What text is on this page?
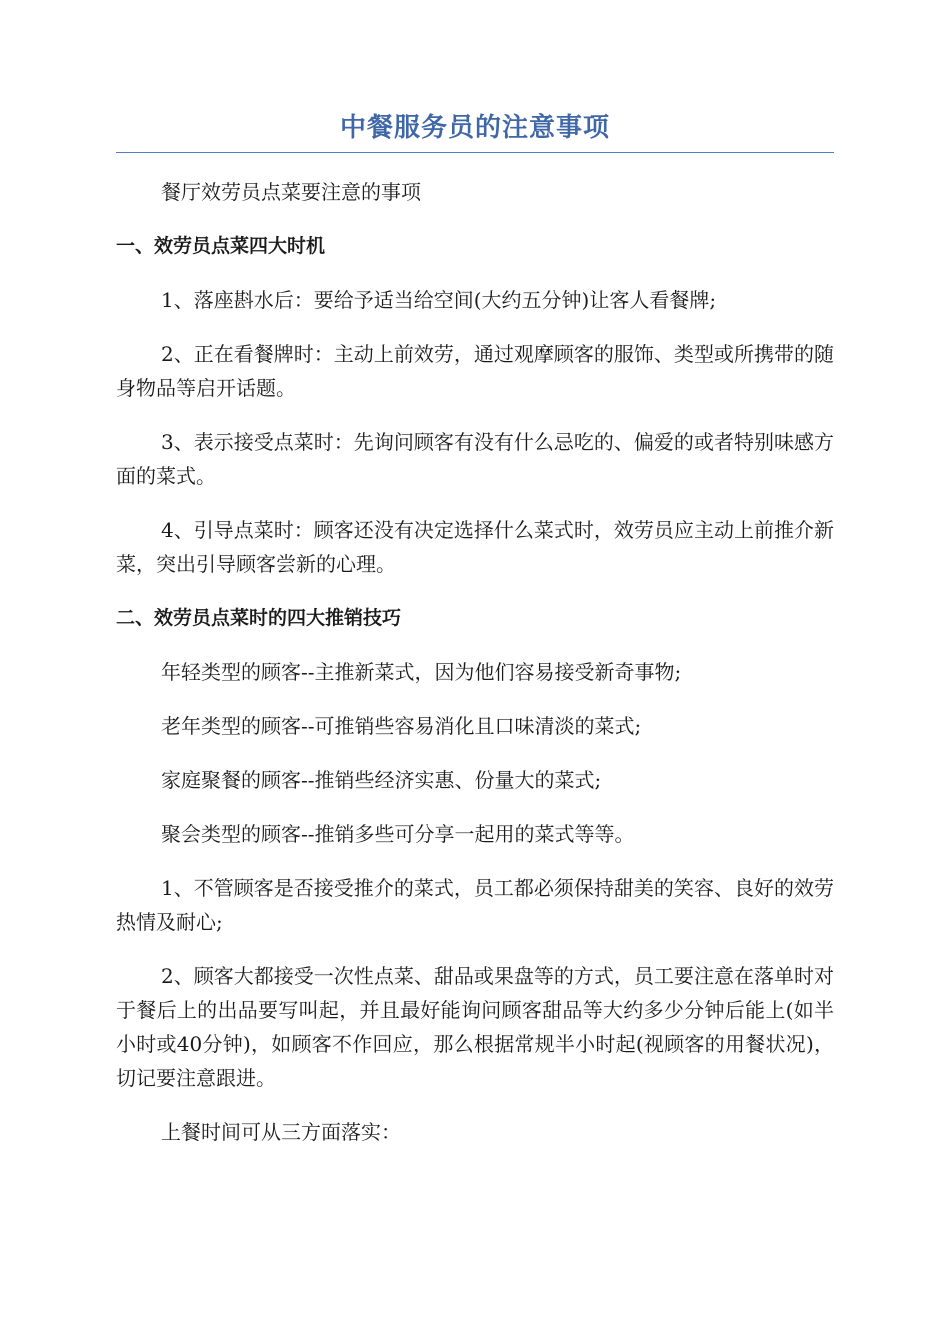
中餐服务员的注意事项

餐厅效劳员点菜要注意的事项

一、效劳员点菜四大时机

1、落座斟水后：要给予适当给空间(大约五分钟)让客人看餐牌;

2、正在看餐牌时：主动上前效劳，通过观摩顾客的服饰、类型或所携带的随身物品等启开话题。

3、表示接受点菜时：先询问顾客有没有什么忌吃的、偏爱的或者特别味感方面的菜式。

4、引导点菜时：顾客还没有决定选择什么菜式时，效劳员应主动上前推介新菜，突出引导顾客尝新的心理。

二、效劳员点菜时的四大推销技巧

年轻类型的顾客--主推新菜式，因为他们容易接受新奇事物;

老年类型的顾客--可推销些容易消化且口味清淡的菜式;

家庭聚餐的顾客--推销些经济实惠、份量大的菜式;

聚会类型的顾客--推销多些可分享一起用的菜式等等。

1、不管顾客是否接受推介的菜式，员工都必须保持甜美的笑容、良好的效劳热情及耐心;

2、顾客大都接受一次性点菜、甜品或果盘等的方式，员工要注意在落单时对于餐后上的出品要写叫起，并且最好能询问顾客甜品等大约多少分钟后能上(如半小时或40分钟)，如顾客不作回应，那么根据常规半小时起(视顾客的用餐状况)，切记要注意跟进。

上餐时间可从三方面落实：
